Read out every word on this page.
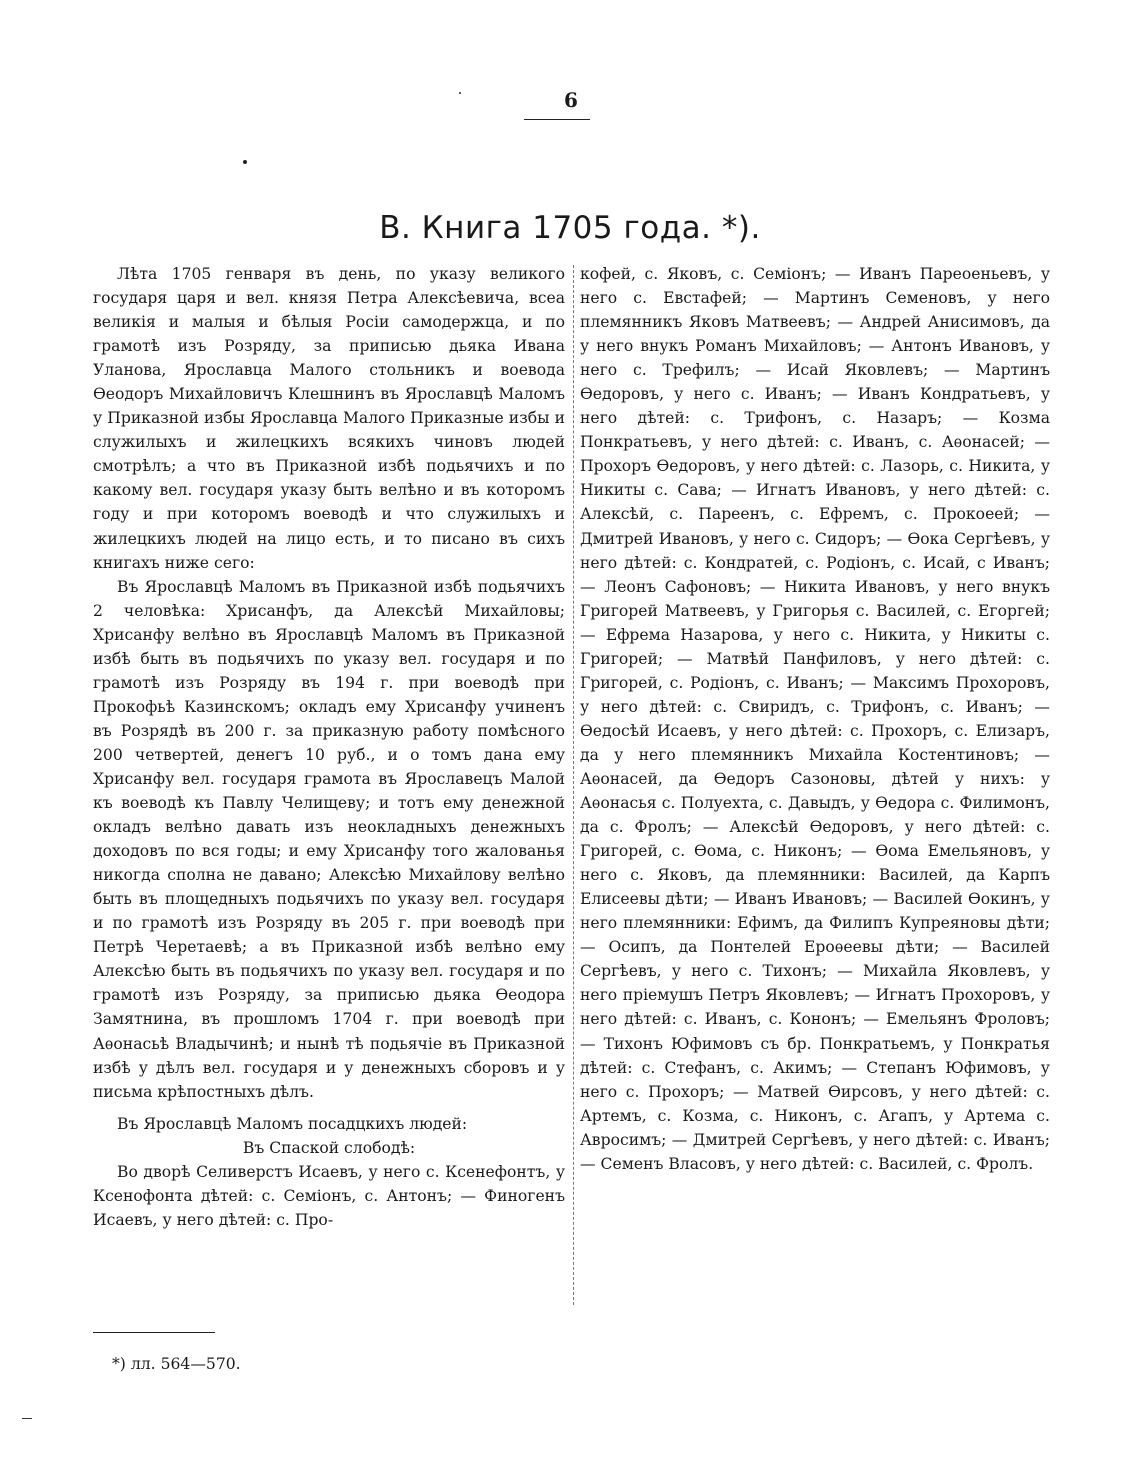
6
В. Книга 1705 года. *).

Лѣта 1705 генваря въ день, по указу великого государя царя и вел. князя Петра Алексѣевича, всеа великія и малыя и бѣлыя Росіи самодержца, и по грамотѣ изъ Розряду, за приписью дьяка Ивана Уланова, Ярославца Малого стольникъ и воевода Ѳеодоръ Михайловичъ Клешнинъ въ Ярославцѣ Маломъ у Приказной избы Ярославца Малого Приказные избы и служилыхъ и жилецкихъ всякихъ чиновъ людей смотрѣлъ; а что въ Приказной избѣ подьячихъ и по какому вел. государя указу быть велѣно и въ которомъ году и при которомъ воеводѣ и что служилыхъ и жилецкихъ людей на лицо есть, и то писано въ сихъ книгахъ ниже сего:

Въ Ярославцѣ Маломъ въ Приказной избѣ подьячихъ 2 человѣка: Хрисанфъ, да Алексѣй Михайловы; Хрисанфу велѣно въ Ярославцѣ Маломъ въ Приказной избѣ быть въ подьячихъ по указу вел. государя и по грамотѣ изъ Розряду въ 194 г. при воеводѣ при Прокофьѣ Казинскомъ; окладъ ему Хрисанфу учиненъ въ Розрядѣ въ 200 г. за приказную работу помѣсного 200 четвертей, денегъ 10 руб., и о томъ дана ему Хрисанфу вел. государя грамота въ Ярославецъ Малой къ воеводѣ къ Павлу Челищеву; и тотъ ему денежной окладъ велѣно давать изъ неокладныхъ денежныхъ доходовъ по вся годы; и ему Хрисанфу того жалованья никогда сполна не давано; Алексѣю Михайлову велѣно быть въ площедныхъ подьячихъ по указу вел. государя и по грамотѣ изъ Розряду въ 205 г. при воеводѣ при Петрѣ Черетаевѣ; а въ Приказной избѣ велѣно ему Алексѣю быть въ подьячихъ по указу вел. государя и по грамотѣ изъ Розряду, за приписью дьяка Ѳеодора Замятнина, въ прошломъ 1704 г. при воеводѣ при Аѳонасьѣ Владычинѣ; и нынѣ тѣ подьячіе въ Приказной избѣ у дѣлъ вел. государя и у денежныхъ сборовъ и у письма крѣпостныхъ дѣлъ.

Въ Ярославцѣ Маломъ посадцкихъ людей:

Въ Спаской слободѣ:

Во дворѣ Селиверстъ Исаевъ, у него с. Ксенефонтъ, у Ксенофонта дѣтей: с. Семіонъ, с. Антонъ; — Финогенъ Исаевъ, у него дѣтей: с. Про-

кофей, с. Яковъ, с. Семіонъ; — Иванъ Пареоеньевъ, у него с. Евстафей; — Мартинъ Семеновъ, у него племянникъ Яковъ Матвеевъ; — Андрей Анисимовъ, да у него внукъ Романъ Михайловъ; — Антонъ Ивановъ, у него с. Трефилъ; — Исай Яковлевъ; — Мартинъ Ѳедоровъ, у него с. Иванъ; — Иванъ Кондратьевъ, у него дѣтей: с. Трифонъ, с. Назаръ; — Козма Понкратьевъ, у него дѣтей: с. Иванъ, с. Аѳонасей; — Прохоръ Ѳедоровъ, у него дѣтей: с. Лазорь, с. Никита, у Никиты с. Сава; — Игнатъ Ивановъ, у него дѣтей: с. Алексѣй, с. Пареенъ, с. Ефремъ, с. Прокоеей; — Дмитрей Ивановъ, у него с. Сидоръ; — Ѳока Сергѣевъ, у него дѣтей: с. Кондратей, с. Родіонъ, с. Исай, с Иванъ; — Леонъ Сафоновъ; — Никита Ивановъ, у него внукъ Григорей Матвеевъ, у Григорья с. Василей, с. Егоргей; — Ефрема Назарова, у него с. Никита, у Никиты с. Григорей; — Матвѣй Панфиловъ, у него дѣтей: с. Григорей, с. Родіонъ, с. Иванъ; — Максимъ Прохоровъ, у него дѣтей: с. Свиридъ, с. Трифонъ, с. Иванъ; — Ѳедосѣй Исаевъ, у него дѣтей: с. Прохоръ, с. Елизаръ, да у него племянникъ Михайла Костентиновъ; — Аѳонасей, да Ѳедоръ Сазоновы, дѣтей у нихъ: у Аѳонасья с. Полуехта, с. Давыдъ, у Ѳедора с. Филимонъ, да с. Фролъ; — Алексѣй Ѳедоровъ, у него дѣтей: с. Григорей, с. Ѳома, с. Никонъ; — Ѳома Емельяновъ, у него с. Яковъ, да племянники: Василей, да Карпъ Елисеевы дѣти; — Иванъ Ивановъ; — Василей Ѳокинъ, у него племянники: Ефимъ, да Филипъ Купреяновы дѣти; — Осипъ, да Понтелей Ероѳеевы дѣти; — Василей Сергѣевъ, у него с. Тихонъ; — Михайла Яковлевъ, у него прiемушъ Петръ Яковлевъ; — Игнатъ Прохоровъ, у него дѣтей: с. Иванъ, с. Кононъ; — Емельянъ Фроловъ; — Тихонъ Юфимовъ съ бр. Понкратьемъ, у Понкратья дѣтей: с. Стефанъ, с. Акимъ; — Степанъ Юфимовъ, у него с. Прохоръ; — Матвей Ѳирсовъ, у него дѣтей: с. Артемъ, с. Козма, с. Никонъ, с. Агапъ, у Артема с. Авросимъ; — Дмитрей Сергѣевъ, у него дѣтей: с. Иванъ; — Семенъ Власовъ, у него дѣтей: с. Василей, с. Фролъ.

*) лл. 564—570.
